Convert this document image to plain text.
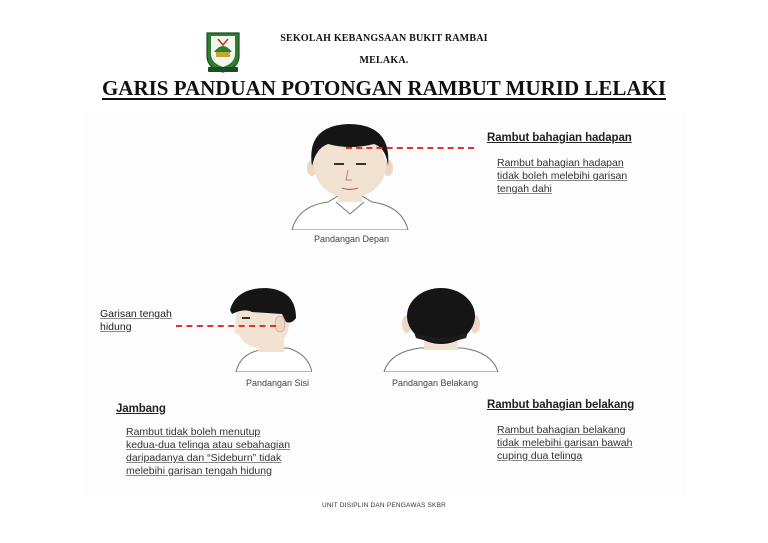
SEKOLAH KEBANGSAAN BUKIT RAMBAI
MELAKA.
GARIS PANDUAN POTONGAN RAMBUT MURID LELAKI
Pandangan Depan
Rambut bahagian hadapan
Rambut bahagian hadapan
tidak boleh melebihi garisan
tengah dahi
Pandangan Sisi
Garisan tengah
hidung
Jambang
Rambut tidak boleh menutup
kedua-dua telinga atau sebahagian
daripadanya dan “Sideburn” tidak
melebihi garisan tengah hidung
Pandangan Belakang
Rambut bahagian belakang
Rambut bahagian belakang
tidak melebihi garisan bawah
cuping dua telinga
UNIT DISIPLIN DAN PENGAWAS SKBR
